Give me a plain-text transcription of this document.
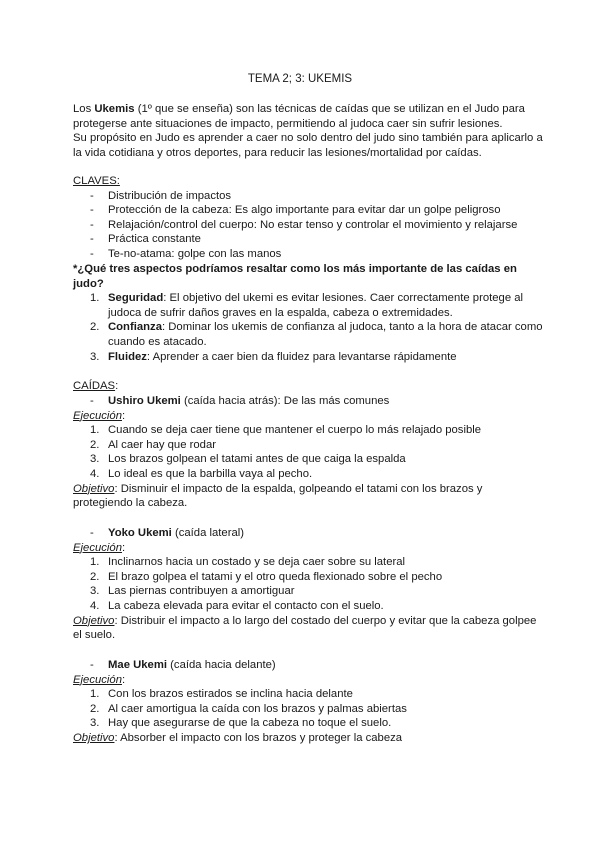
TEMA 2; 3: UKEMIS

Los Ukemis (1º que se enseña) son las técnicas de caídas que se utilizan en el Judo para protegerse ante situaciones de impacto, permitiendo al judoca caer sin sufrir lesiones.

Su propósito en Judo es aprender a caer no solo dentro del judo sino también para aplicarlo a la vida cotidiana y otros deportes, para reducir las lesiones/mortalidad por caídas.

CLAVES:
- Distribución de impactos
- Protección de la cabeza: Es algo importante para evitar dar un golpe peligroso
- Relajación/control del cuerpo: No estar tenso y controlar el movimiento y relajarse
- Práctica constante
- Te-no-atama: golpe con las manos
*¿Qué tres aspectos podríamos resaltar como los más importante de las caídas en judo?
1. Seguridad: El objetivo del ukemi es evitar lesiones. Caer correctamente protege al judoca de sufrir daños graves en la espalda, cabeza o extremidades.
2. Confianza: Dominar los ukemis de confianza al judoca, tanto a la hora de atacar como cuando es atacado.
3. Fluidez: Aprender a caer bien da fluidez para levantarse rápidamente
CAÍDAS:
- Ushiro Ukemi (caída hacia atrás): De las más comunes
Ejecución:
1. Cuando se deja caer tiene que mantener el cuerpo lo más relajado posible
2. Al caer hay que rodar
3. Los brazos golpean el tatami antes de que caiga la espalda
4. Lo ideal es que la barbilla vaya al pecho.

Objetivo: Disminuir el impacto de la espalda, golpeando el tatami con los brazos y protegiendo la cabeza.

- Yoko Ukemi (caída lateral)
Ejecución:
1. Inclinarnos hacia un costado y se deja caer sobre su lateral
2. El brazo golpea el tatami y el otro queda flexionado sobre el pecho
3. Las piernas contribuyen a amortiguar
4. La cabeza elevada para evitar el contacto con el suelo.

Objetivo: Distribuir el impacto a lo largo del costado del cuerpo y evitar que la cabeza golpee el suelo.

- Mae Ukemi (caída hacia delante)
Ejecución:
1. Con los brazos estirados se inclina hacia delante
2. Al caer amortigua la caída con los brazos y palmas abiertas
3. Hay que asegurarse de que la cabeza no toque el suelo.

Objetivo: Absorber el impacto con los brazos y proteger la cabeza
